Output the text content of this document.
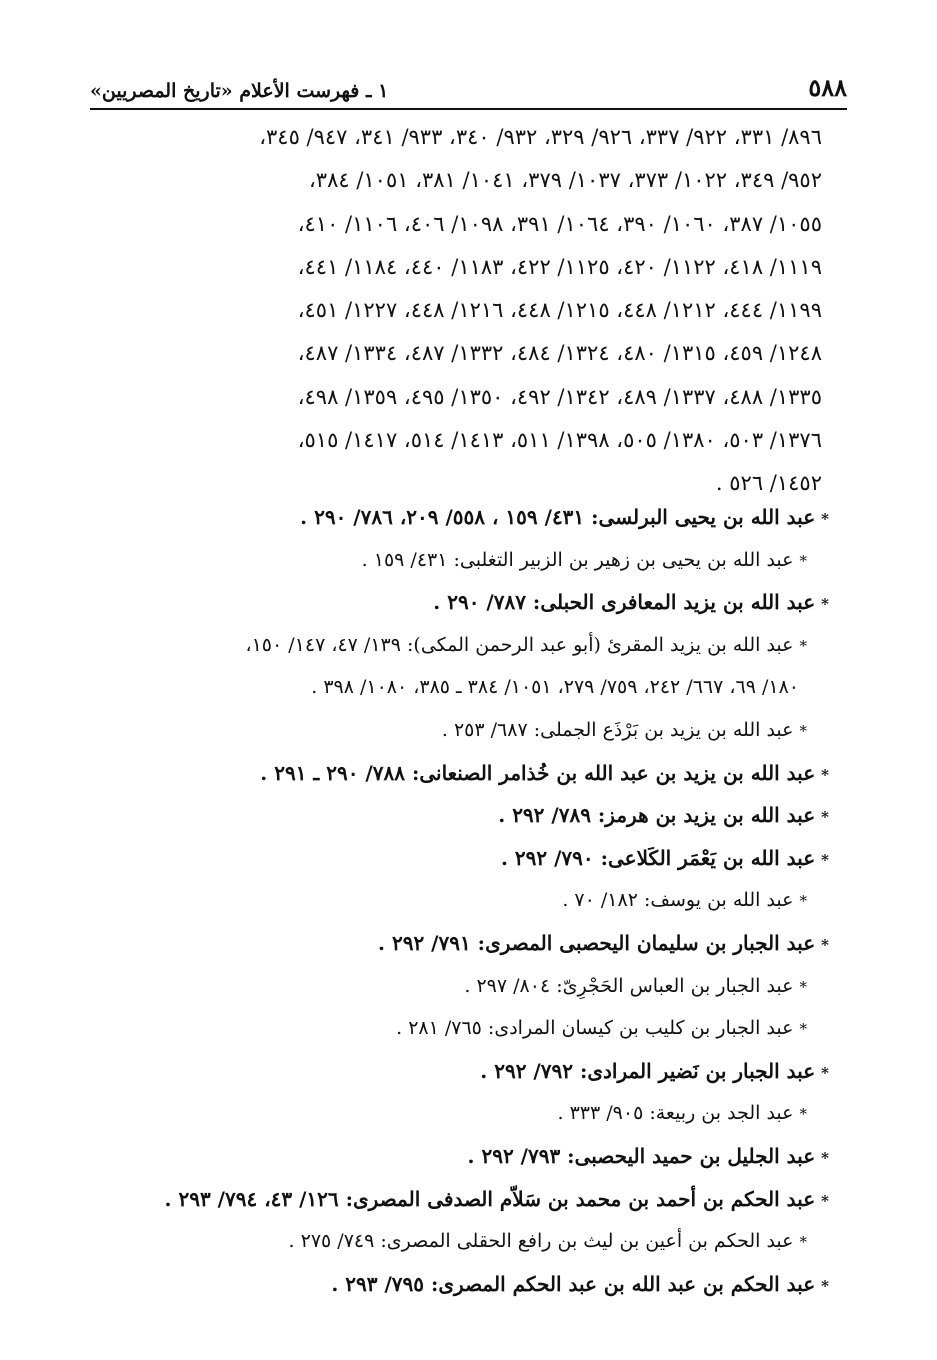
٥٨٨
١ ـ فهرست الأعلام «تاريخ المصريين»
٨٩٦/ ٣٣١، ٩٢٢/ ٣٣٧، ٩٢٦/ ٣٢٩، ٩٣٢/ ٣٤٠، ٩٣٣/ ٣٤١، ٩٤٧/ ٣٤٥،
٩٥٢/ ٣٤٩، ١٠٢٢/ ٣٧٣، ١٠٣٧/ ٣٧٩، ١٠٤١/ ٣٨١، ١٠٥١/ ٣٨٤،
١٠٥٥/ ٣٨٧، ١٠٦٠/ ٣٩٠، ١٠٦٤/ ٣٩١، ١٠٩٨/ ٤٠٦، ١١٠٦/ ٤١٠،
١١١٩/ ٤١٨، ١١٢٢/ ٤٢٠، ١١٢٥/ ٤٢٢، ١١٨٣/ ٤٤٠، ١١٨٤/ ٤٤١،
١١٩٩/ ٤٤٤، ١٢١٢/ ٤٤٨، ١٢١٥/ ٤٤٨، ١٢١٦/ ٤٤٨، ١٢٢٧/ ٤٥١،
١٢٤٨/ ٤٥٩، ١٣١٥/ ٤٨٠، ١٣٢٤/ ٤٨٤، ١٣٣٢/ ٤٨٧، ١٣٣٤/ ٤٨٧،
١٣٣٥/ ٤٨٨، ١٣٣٧/ ٤٨٩، ١٣٤٢/ ٤٩٢، ١٣٥٠/ ٤٩٥، ١٣٥٩/ ٤٩٨،
١٣٧٦/ ٥٠٣، ١٣٨٠/ ٥٠٥، ١٣٩٨/ ٥١١، ١٤١٣/ ٥١٤، ١٤١٧/ ٥١٥،
١٤٥٢/ ٥٢٦ .
*عبد الله بن يحيى البرلسى: ٤٣١/ ١٥٩ ، ٥٥٨/ ٢٠٩، ٧٨٦/ ٢٩٠ .
*عبد الله بن يحيى بن زهير بن الزبير التغلبى: ٤٣١/ ١٥٩ .
*عبد الله بن يزيد المعافرى الحبلى: ٧٨٧/ ٢٩٠ .
*عبد الله بن يزيد المقرئ (أبو عبد الرحمن المكى): ١٣٩/ ٤٧، ١٤٧/ ١٥٠،
١٨٠/ ٦٩، ٦٦٧/ ٢٤٢، ٧٥٩/ ٢٧٩، ١٠٥١/ ٣٨٤ ـ ٣٨٥، ١٠٨٠/ ٣٩٨ .
*عبد الله بن يزيد بن بَرْذَع الجملى: ٦٨٧/ ٢٥٣ .
*عبد الله بن يزيد بن عبد الله بن خُذامر الصنعانى: ٧٨٨/ ٢٩٠ ـ ٢٩١ .
*عبد الله بن يزيد بن هرمز: ٧٨٩/ ٢٩٢ .
*عبد الله بن يَعْمَر الكَلاعى: ٧٩٠/ ٢٩٢ .
*عبد الله بن يوسف: ١٨٢/ ٧٠ .
*عبد الجبار بن سليمان اليحصبى المصرى: ٧٩١/ ٢٩٢ .
*عبد الجبار بن العباس الحَجْرِىّ: ٨٠٤/ ٢٩٧ .
*عبد الجبار بن كليب بن كيسان المرادى: ٧٦٥/ ٢٨١ .
*عبد الجبار بن نَضير المرادى: ٧٩٢/ ٢٩٢ .
*عبد الجد بن ربيعة: ٩٠٥/ ٣٣٣ .
*عبد الجليل بن حميد اليحصبى: ٧٩٣/ ٢٩٢ .
*عبد الحكم بن أحمد بن محمد بن سَلاّم الصدفى المصرى: ١٢٦/ ٤٣، ٧٩٤/ ٢٩٣ .
*عبد الحكم بن أعين بن ليث بن رافع الحقلى المصرى: ٧٤٩/ ٢٧٥ .
*عبد الحكم بن عبد الله بن عبد الحكم المصرى: ٧٩٥/ ٢٩٣ .
